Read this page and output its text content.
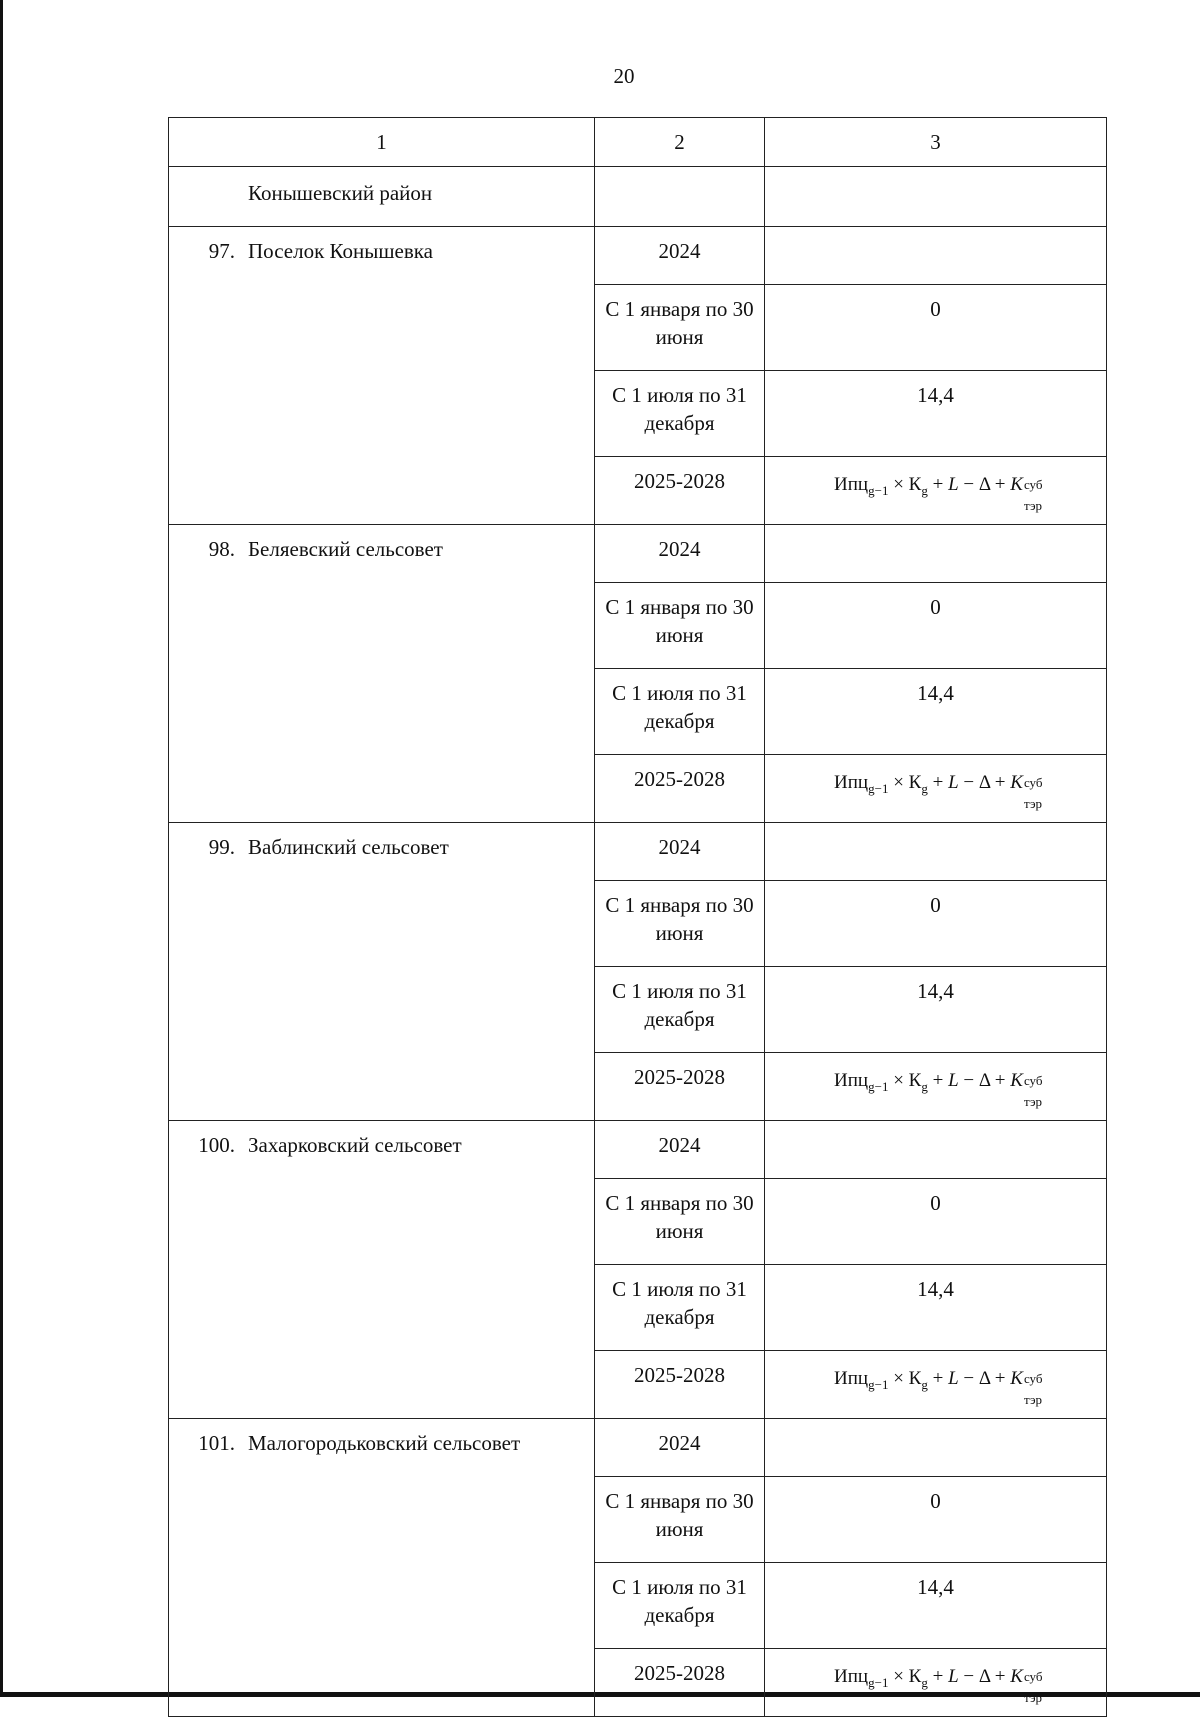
20
1	2	3
Конышевский район		
97. Поселок Конышевка	2024	
	С 1 января по 30 июня	0
	С 1 июля по 31 декабря	14,4
	2025-2028	$Ипц_{g-1} \times К_g + L - \Delta + K$ суб
тэр

98. Беляевский сельсовет	2024	
	С 1 января по 30 июня	0
	С 1 июля по 31 декабря	14,4
	2025-2028	$Ипц_{g-1} \times К_g + L - \Delta + K$ суб
тэр

99. Ваблинский сельсовет	2024	
	С 1 января по 30 июня	0
	С 1 июля по 31 декабря	14,4
	2025-2028	$Ипц_{g-1} \times К_g + L - \Delta + K$ суб
тэр

100. Захарковский сельсовет	2024	
	С 1 января по 30 июня	0
	С 1 июля по 31 декабря	14,4
	2025-2028	$Ипц_{g-1} \times К_g + L - \Delta + K$ суб
тэр

101. Малогородьковский сельсовет	2024	
	С 1 января по 30 июня	0
	С 1 июля по 31 декабря	14,4
	2025-2028	$Ипц_{g-1} \times К_g + L - \Delta + K$ суб
тэр
